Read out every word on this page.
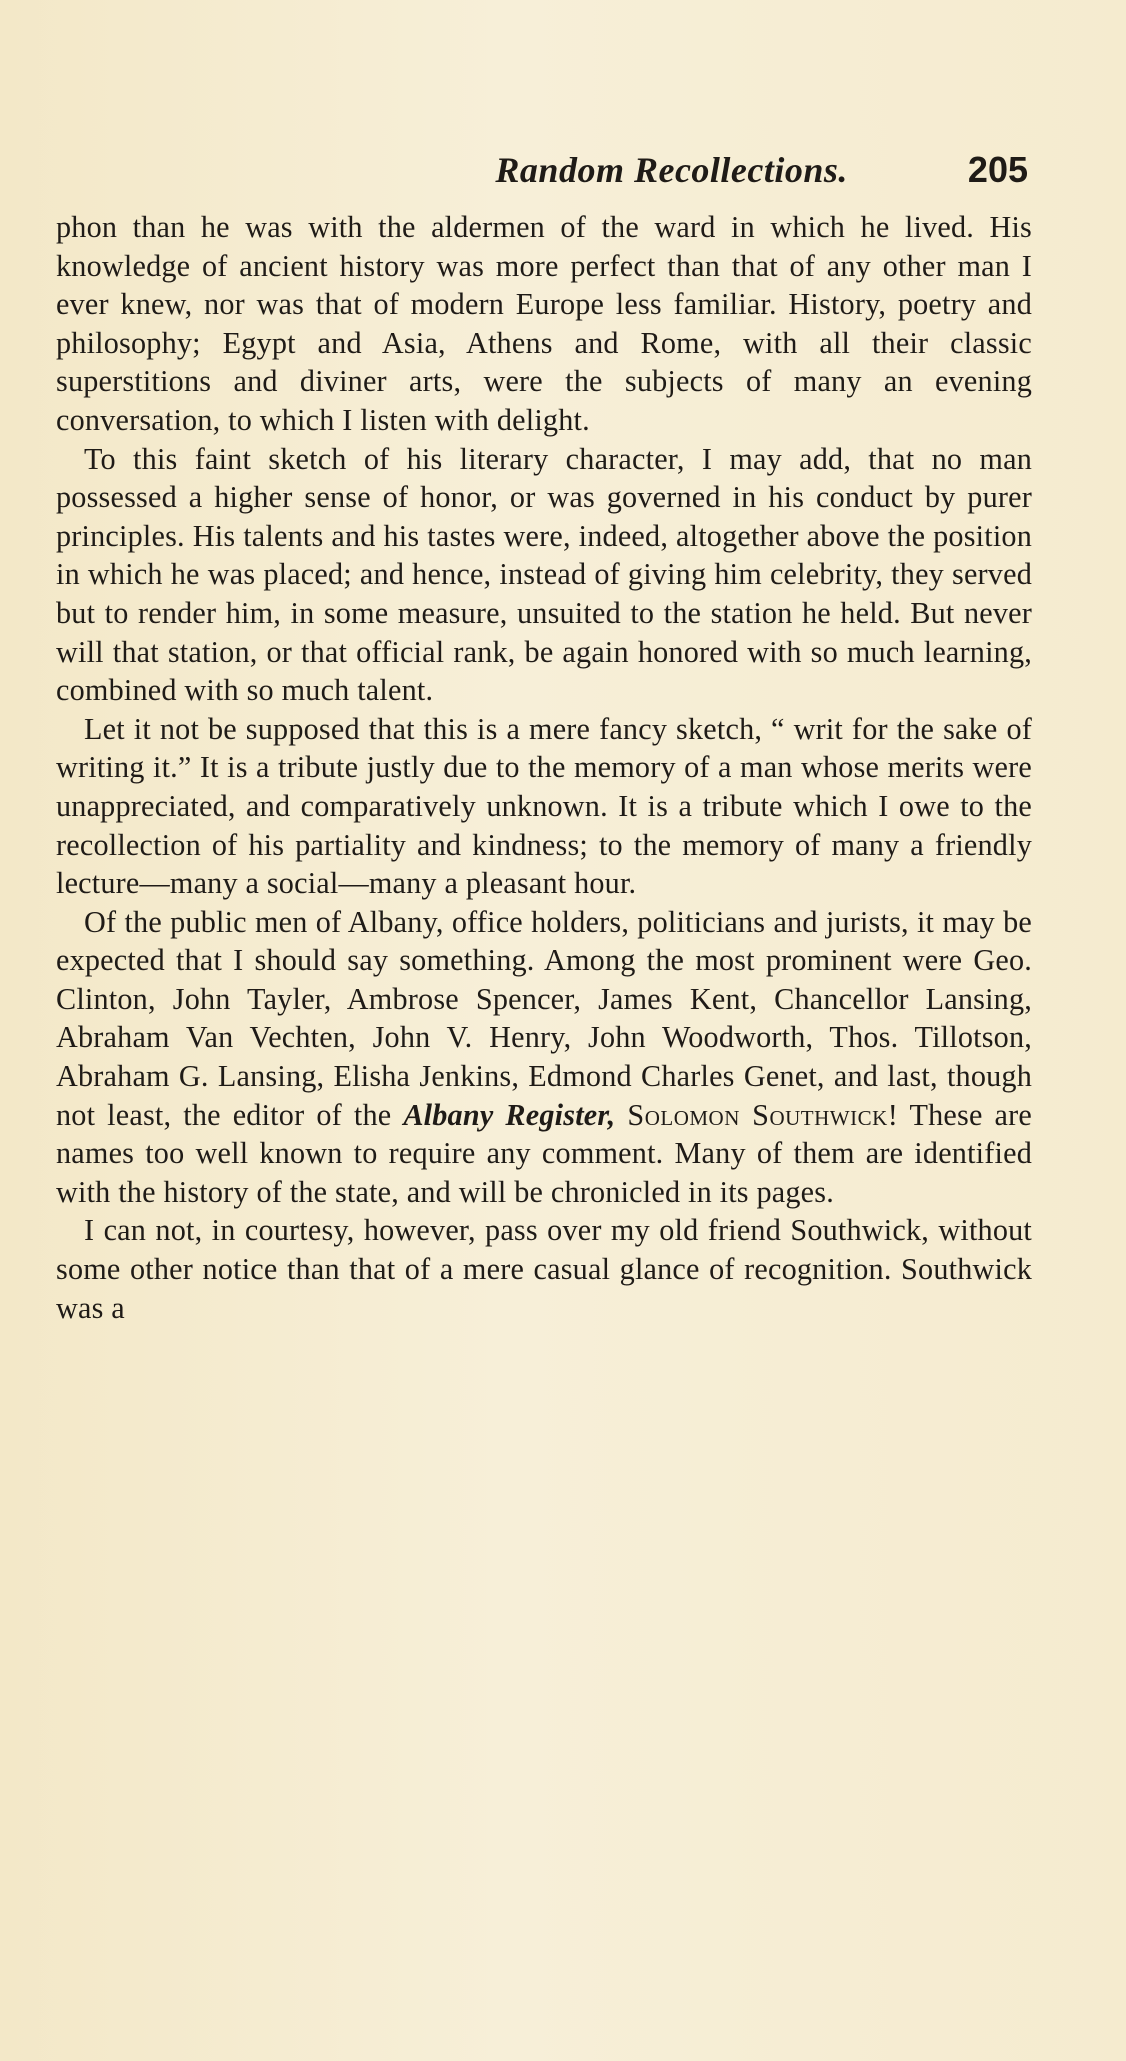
Random Recollections.	205

phon than he was with the aldermen of the ward in which he lived. His knowledge of ancient history was more perfect than that of any other man I ever knew, nor was that of modern Europe less familiar. History, poetry and philosophy; Egypt and Asia, Athens and Rome, with all their classic superstitions and diviner arts, were the subjects of many an evening conversation, to which I listen with delight.

To this faint sketch of his literary character, I may add, that no man possessed a higher sense of honor, or was governed in his conduct by purer principles. His talents and his tastes were, indeed, altogether above the position in which he was placed; and hence, instead of giving him celebrity, they served but to render him, in some measure, unsuited to the station he held. But never will that station, or that official rank, be again honored with so much learning, combined with so much talent.

Let it not be supposed that this is a mere fancy sketch, “ writ for the sake of writing it.” It is a tribute justly due to the memory of a man whose merits were unappreciated, and comparatively unknown. It is a tribute which I owe to the recollection of his partiality and kindness; to the memory of many a friendly lecture—many a social—many a pleasant hour.

Of the public men of Albany, office holders, politicians and jurists, it may be expected that I should say something. Among the most prominent were Geo. Clinton, John Tayler, Ambrose Spencer, James Kent, Chancellor Lansing, Abraham Van Vechten, John V. Henry, John Woodworth, Thos. Tillotson, Abraham G. Lansing, Elisha Jenkins, Edmond Charles Genet, and last, though not least, the editor of the Albany Register, Solomon Southwick! These are names too well known to require any comment. Many of them are identified with the history of the state, and will be chronicled in its pages.

I can not, in courtesy, however, pass over my old friend Southwick, without some other notice than that of a mere casual glance of recognition. Southwick was a
